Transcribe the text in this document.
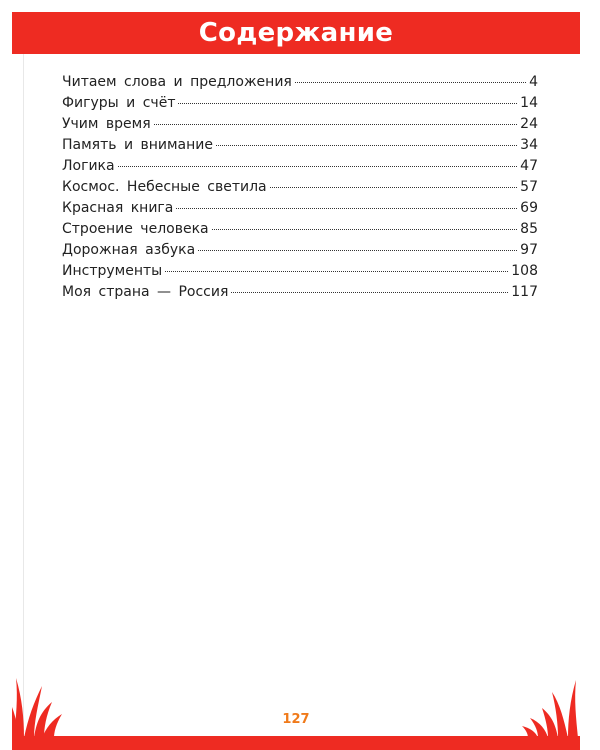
Содержание
Читаем слова и предложения	4
Фигуры и счёт	14
Учим время	24
Память и внимание	34
Логика	47
Космос. Небесные светила	57
Красная книга	69
Строение человека	85
Дорожная азбука	97
Инструменты	108
Моя страна — Россия	117
127
